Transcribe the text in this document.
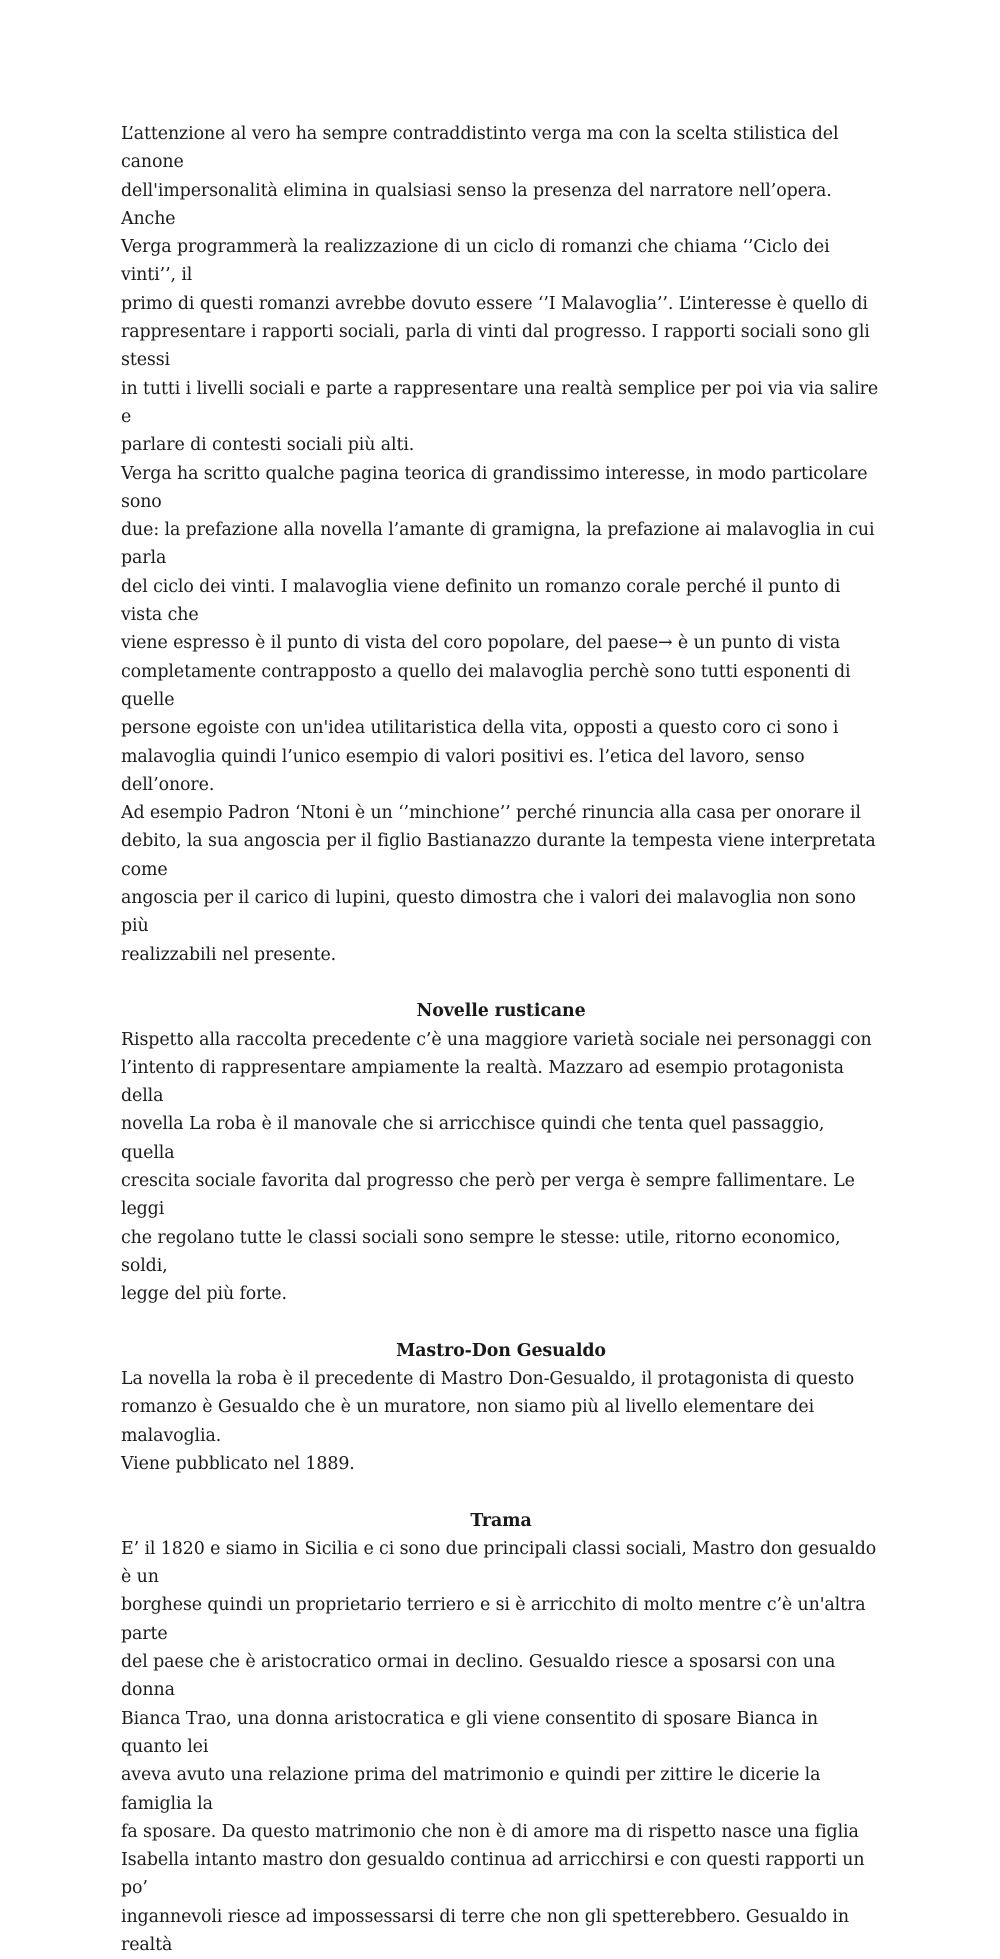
L’attenzione al vero ha sempre contraddistinto verga ma con la scelta stilistica del canone
dell'impersonalità elimina in qualsiasi senso la presenza del narratore nell’opera. Anche
Verga programmerà la realizzazione di un ciclo di romanzi che chiama ‘’Ciclo dei vinti’’, il
primo di questi romanzi avrebbe dovuto essere ‘’I Malavoglia’’. L’interesse è quello di
rappresentare i rapporti sociali, parla di vinti dal progresso. I rapporti sociali sono gli stessi
in tutti i livelli sociali e parte a rappresentare una realtà semplice per poi via via salire e
parlare di contesti sociali più alti.

Verga ha scritto qualche pagina teorica di grandissimo interesse, in modo particolare sono
due: la prefazione alla novella l’amante di gramigna, la prefazione ai malavoglia in cui parla
del ciclo dei vinti. I malavoglia viene definito un romanzo corale perché il punto di vista che
viene espresso è il punto di vista del coro popolare, del paese→ è un punto di vista
completamente contrapposto a quello dei malavoglia perchè sono tutti esponenti di quelle
persone egoiste con un'idea utilitaristica della vita, opposti a questo coro ci sono i
malavoglia quindi l’unico esempio di valori positivi es. l’etica del lavoro, senso dell’onore.
Ad esempio Padron ‘Ntoni è un ‘’minchione’’ perché rinuncia alla casa per onorare il
debito, la sua angoscia per il figlio Bastianazzo durante la tempesta viene interpretata come
angoscia per il carico di lupini, questo dimostra che i valori dei malavoglia non sono più
realizzabili nel presente.

Novelle rusticane

Rispetto alla raccolta precedente c’è una maggiore varietà sociale nei personaggi con
l’intento di rappresentare ampiamente la realtà. Mazzaro ad esempio protagonista della
novella La roba è il manovale che si arricchisce quindi che tenta quel passaggio, quella
crescita sociale favorita dal progresso che però per verga è sempre fallimentare. Le leggi
che regolano tutte le classi sociali sono sempre le stesse: utile, ritorno economico, soldi,
legge del più forte.

Mastro-Don Gesualdo

La novella la roba è il precedente di Mastro Don-Gesualdo, il protagonista di questo
romanzo è Gesualdo che è un muratore, non siamo più al livello elementare dei malavoglia.
Viene pubblicato nel 1889.

Trama

E’ il 1820 e siamo in Sicilia e ci sono due principali classi sociali, Mastro don gesualdo è un
borghese quindi un proprietario terriero e si è arricchito di molto mentre c’è un'altra parte
del paese che è aristocratico ormai in declino. Gesualdo riesce a sposarsi con una donna
Bianca Trao, una donna aristocratica e gli viene consentito di sposare Bianca in quanto lei
aveva avuto una relazione prima del matrimonio e quindi per zittire le dicerie la famiglia la
fa sposare. Da questo matrimonio che non è di amore ma di rispetto nasce una figlia
Isabella intanto mastro don gesualdo continua ad arricchirsi e con questi rapporti un po’
ingannevoli riesce ad impossessarsi di terre che non gli spetterebbero. Gesualdo in realtà
